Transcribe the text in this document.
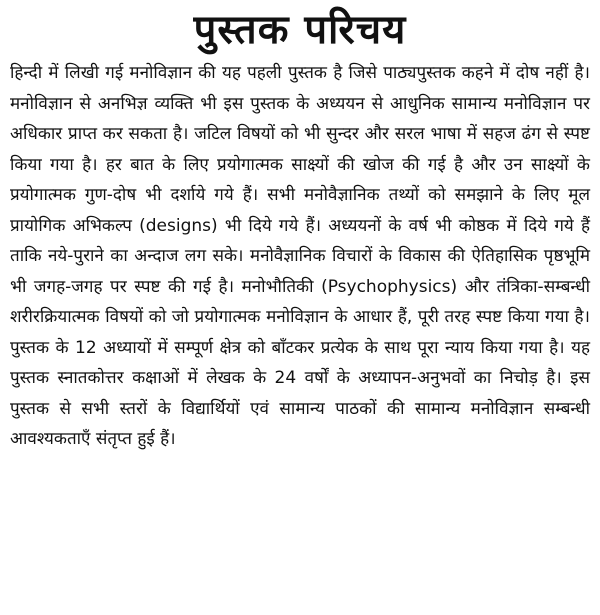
पुस्तक परिचय

हिन्दी में लिखी गई मनोविज्ञान की यह पहली पुस्तक है जिसे पाठ्यपुस्तक कहने में दोष नहीं है। मनोविज्ञान से अनभिज्ञ व्यक्ति भी इस पुस्तक के अध्ययन से आधुनिक सामान्य मनोविज्ञान पर अधिकार प्राप्त कर सकता है। जटिल विषयों को भी सुन्दर और सरल भाषा में सहज ढंग से स्पष्ट किया गया है। हर बात के लिए प्रयोगात्मक साक्ष्यों की खोज की गई है और उन साक्ष्यों के प्रयोगात्मक गुण-दोष भी दर्शाये गये हैं। सभी मनोवैज्ञानिक तथ्यों को समझाने के लिए मूल प्रायोगिक अभिकल्प (designs) भी दिये गये हैं। अध्ययनों के वर्ष भी कोष्ठक में दिये गये हैं ताकि नये-पुराने का अन्दाज लग सके। मनोवैज्ञानिक विचारों के विकास की ऐतिहासिक पृष्ठभूमि भी जगह-जगह पर स्पष्ट की गई है। मनोभौतिकी (Psychophysics) और तंत्रिका-सम्बन्धी शरीरक्रियात्मक विषयों को जो प्रयोगात्मक मनोविज्ञान के आधार हैं, पूरी तरह स्पष्ट किया गया है। पुस्तक के 12 अध्यायों में सम्पूर्ण क्षेत्र को बाँटकर प्रत्येक के साथ पूरा न्याय किया गया है। यह पुस्तक स्नातकोत्तर कक्षाओं में लेखक के 24 वर्षों के अध्यापन-अनुभवों का निचोड़ है। इस पुस्तक से सभी स्तरों के विद्यार्थियों एवं सामान्य पाठकों की सामान्य मनोविज्ञान सम्बन्धी आवश्यकताएँ संतृप्त हुई हैं।
